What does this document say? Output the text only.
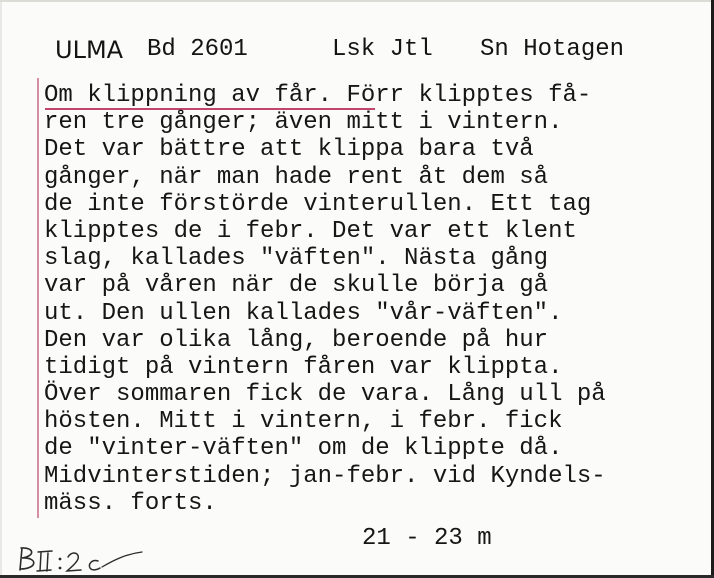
ULMA Bd 2601	Lsk Jtl Sn Hotagen
Om klippning av får. Förr klipptes få-
ren tre gånger; även mitt i vintern.
Det var bättre att klippa bara två
gånger, när man hade rent åt dem så
de inte förstörde vinterullen. Ett tag
klipptes de i febr. Det var ett klent
slag, kallades "väften". Nästa gång
var på våren när de skulle börja gå
ut. Den ullen kallades "vår-väften".
Den var olika lång, beroende på hur
tidigt på vintern fåren var klippta.
Över sommaren fick de vara. Lång ull på
hösten. Mitt i vintern, i febr. fick
de "vinter-väften" om de klippte då.
Midvinterstiden; jan-febr. vid Kyndels-
mäss. forts.
21 - 23 m
